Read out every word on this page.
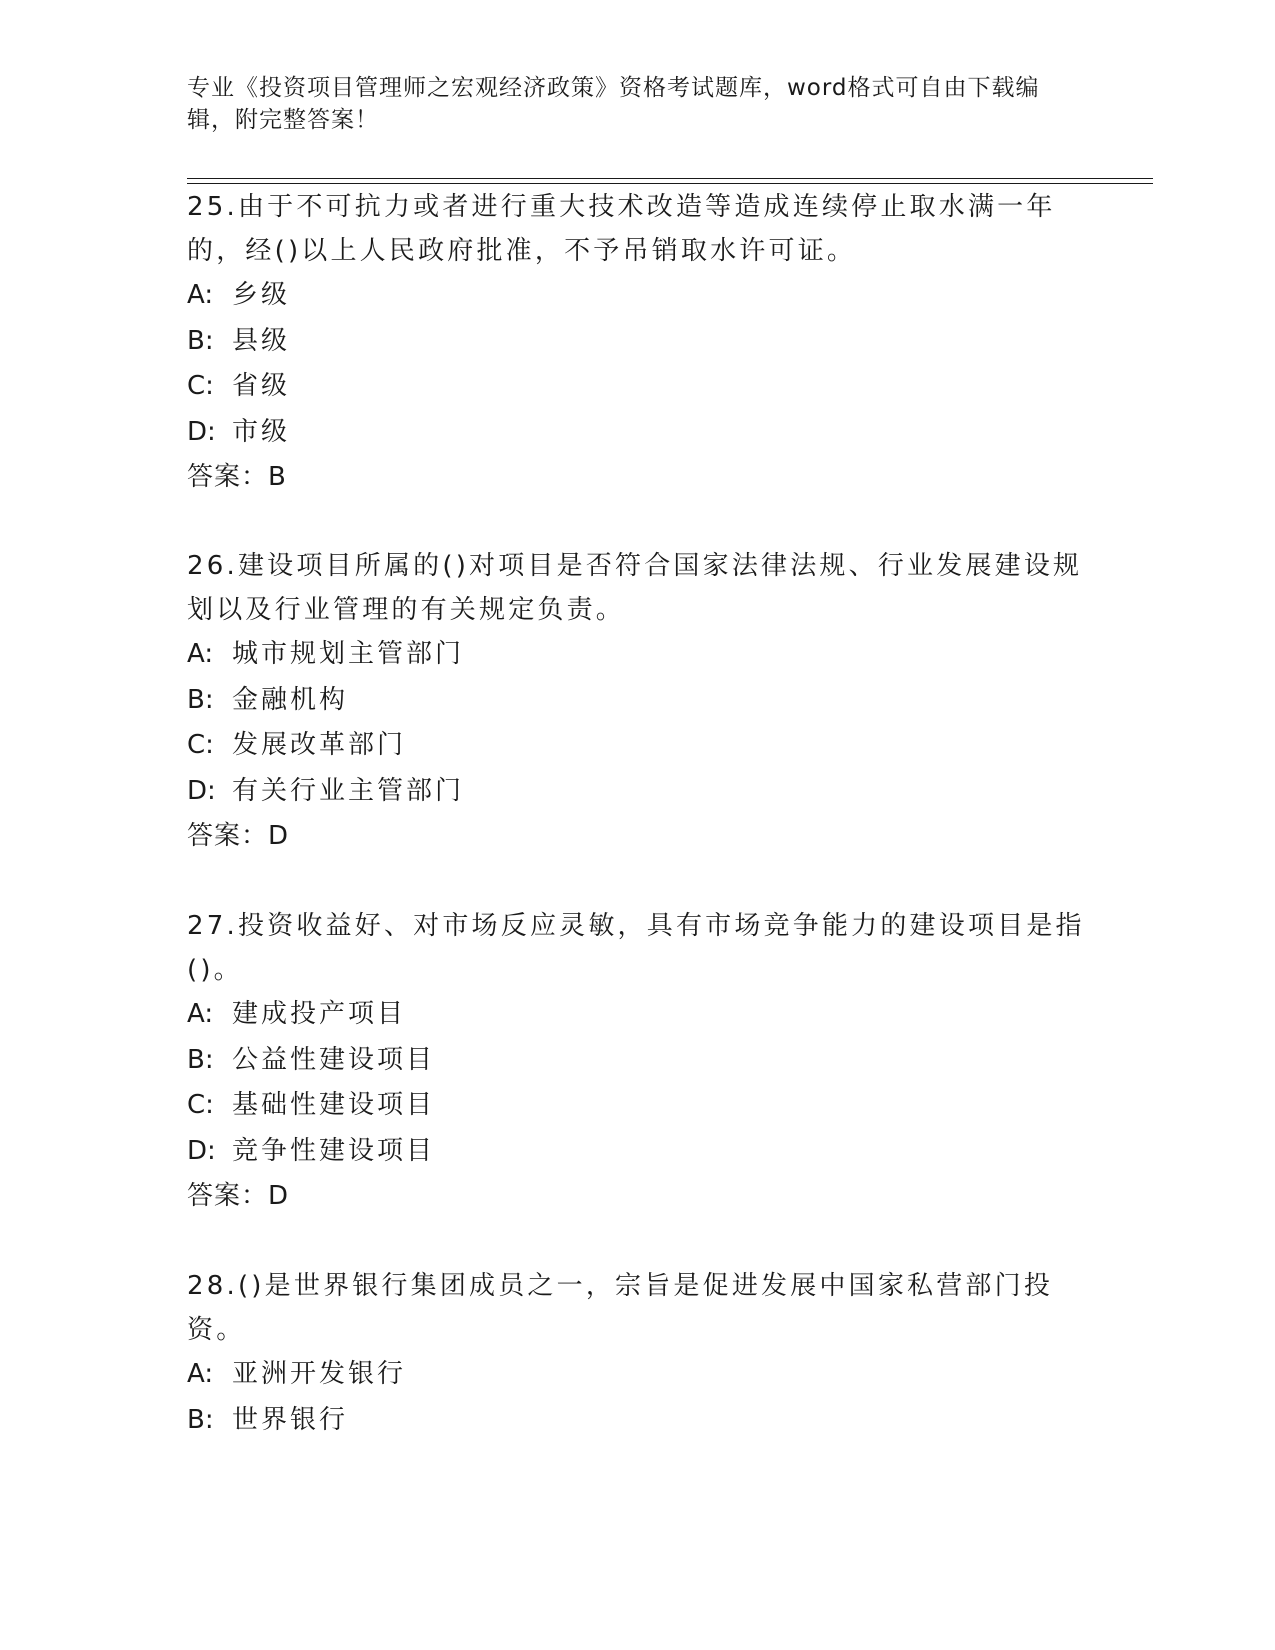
专业《投资项目管理师之宏观经济政策》资格考试题库，word格式可自由下载编辑，附完整答案！

25.由于不可抗力或者进行重大技术改造等造成连续停止取水满一年的，经()以上人民政府批准，不予吊销取水许可证。

A: 乡级
B: 县级
C: 省级
D: 市级
答案：B

26.建设项目所属的()对项目是否符合国家法律法规、行业发展建设规划以及行业管理的有关规定负责。

A: 城市规划主管部门
B: 金融机构
C: 发展改革部门
D: 有关行业主管部门
答案：D

27.投资收益好、对市场反应灵敏，具有市场竞争能力的建设项目是指()。

A: 建成投产项目
B: 公益性建设项目
C: 基础性建设项目
D: 竞争性建设项目
答案：D

28.()是世界银行集团成员之一，宗旨是促进发展中国家私营部门投资。

A: 亚洲开发银行
B: 世界银行
